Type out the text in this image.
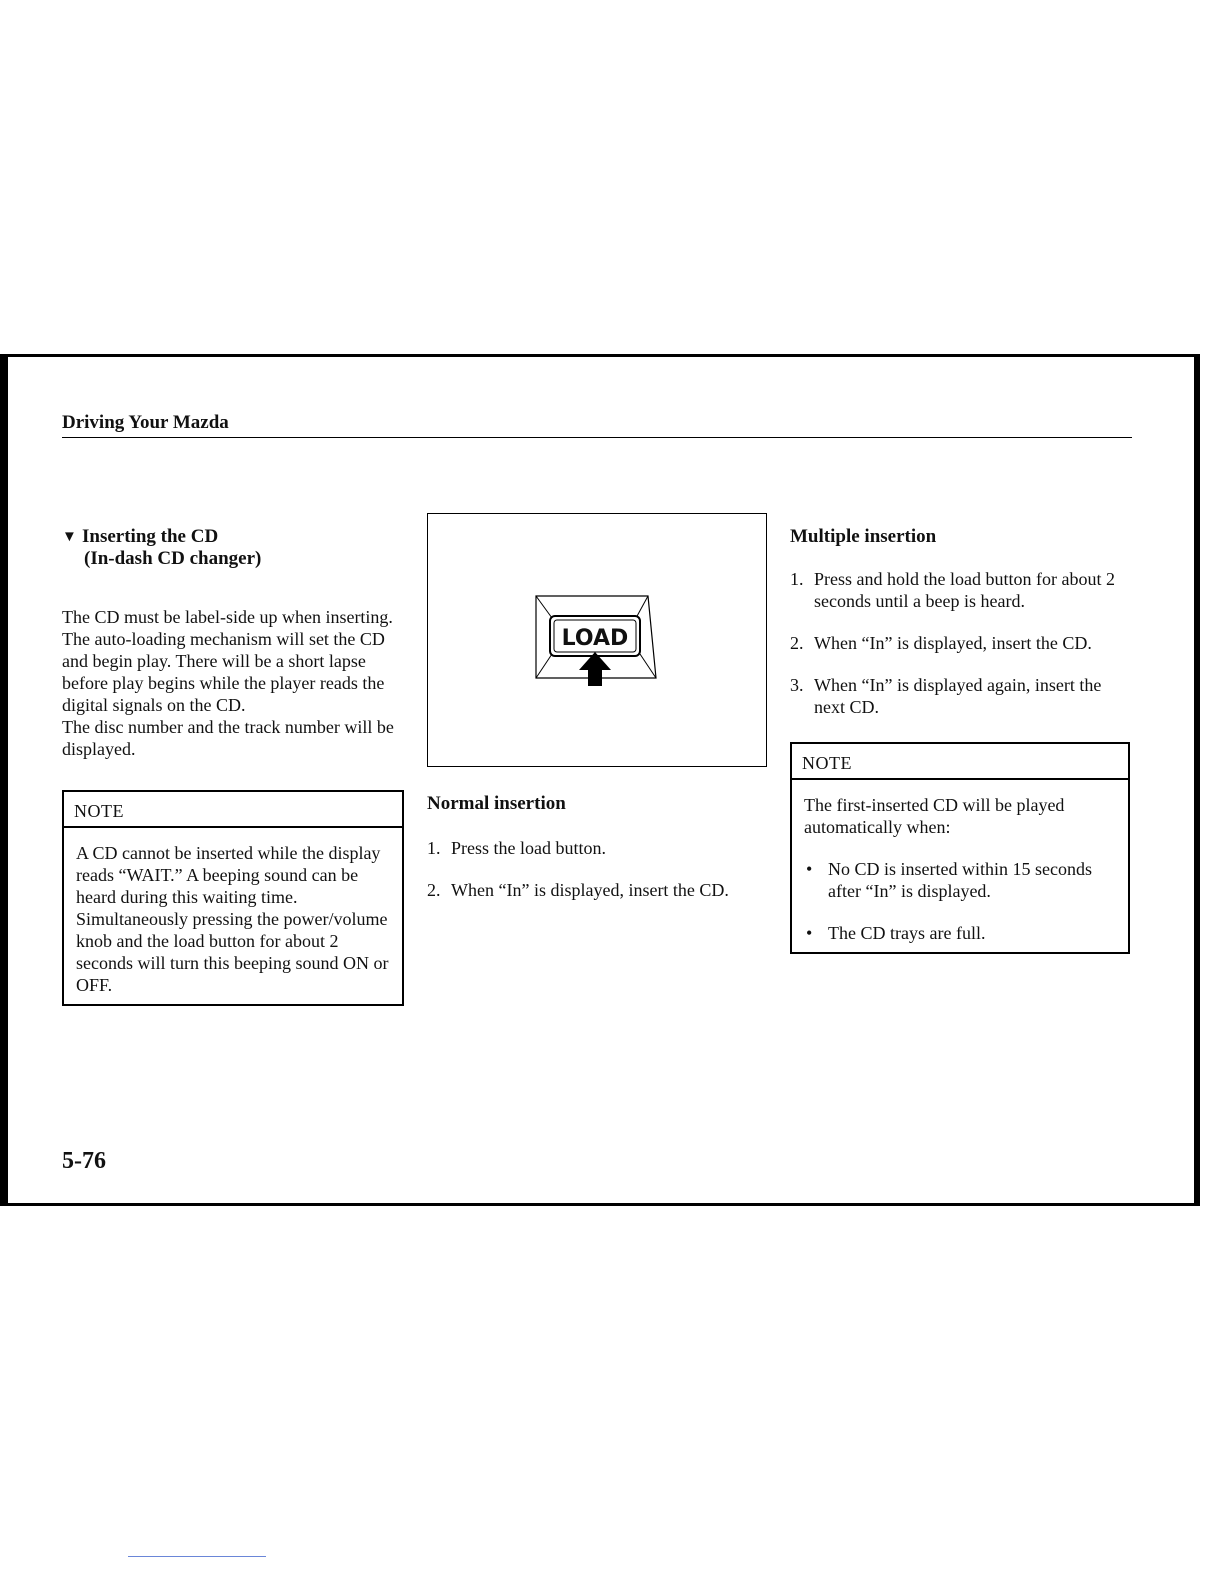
Driving Your Mazda
▼ Inserting the CD
(In-dash CD changer)

The CD must be label-side up when inserting. The auto-loading mechanism will set the CD and begin play. There will be a short lapse before play begins while the player reads the digital signals on the CD.

The disc number and the track number will be displayed.

NOTE
A CD cannot be inserted while the display reads “WAIT.” A beeping sound can be heard during this waiting time. Simultaneously pressing the power/volume knob and the load button for about 2 seconds will turn this beeping sound ON or OFF.
LOAD
Normal insertion
1. Press the load button.
2. When “In” is displayed, insert the CD.
Multiple insertion
1. Press and hold the load button for about 2 seconds until a beep is heard.
2. When “In” is displayed, insert the CD.
3. When “In” is displayed again, insert the next CD.
NOTE

The first-inserted CD will be played automatically when:

• No CD is inserted within 15 seconds after “In” is displayed.
• The CD trays are full.
5-76
